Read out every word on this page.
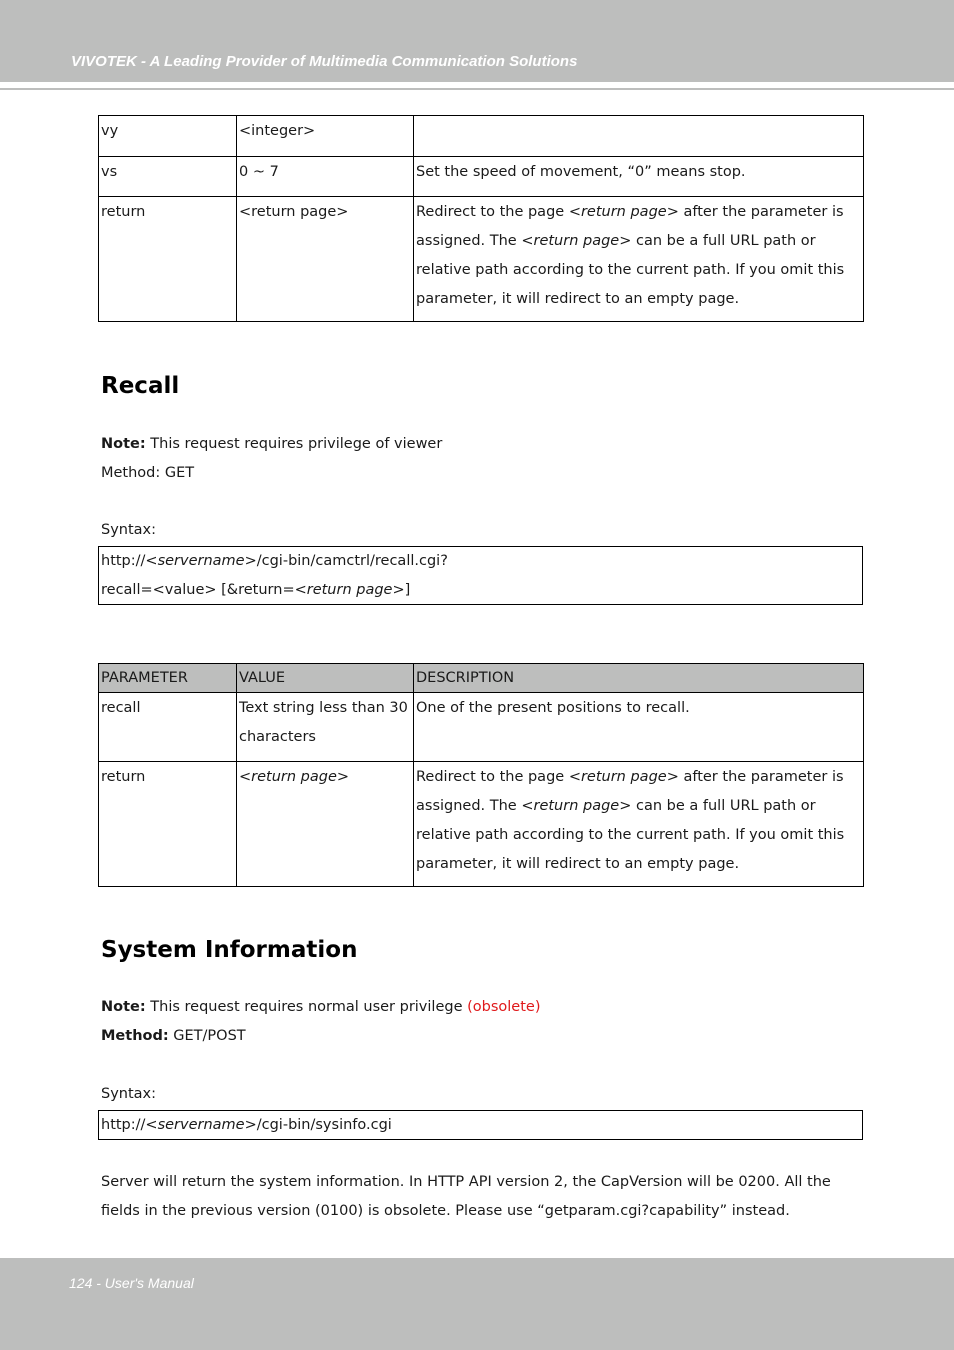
VIVOTEK - A Leading Provider of Multimedia Communication Solutions
vy	<integer>	
vs	0 ~ 7	Set the speed of movement, “0” means stop.
return	<return page>	Redirect to the page <return page> after the parameter is assigned. The <return page> can be a full URL path or relative path according to the current path. If you omit this parameter, it will redirect to an empty page.
Recall
Note: This request requires privilege of viewer
Method: GET
Syntax:
http://<servername>/cgi-bin/camctrl/recall.cgi?
recall=<value> [&return=<return page>]
PARAMETER	VALUE	DESCRIPTION
recall	Text string less than 30 characters	One of the present positions to recall.
return	<return page>	Redirect to the page <return page> after the parameter is assigned. The <return page> can be a full URL path or relative path according to the current path. If you omit this parameter, it will redirect to an empty page.
System Information
Note: This request requires normal user privilege (obsolete)
Method: GET/POST
Syntax:
http://<servername>/cgi-bin/sysinfo.cgi
Server will return the system information. In HTTP API version 2, the CapVersion will be 0200. All the fields in the previous version (0100) is obsolete. Please use “getparam.cgi?capability” instead.
124 - User's Manual
